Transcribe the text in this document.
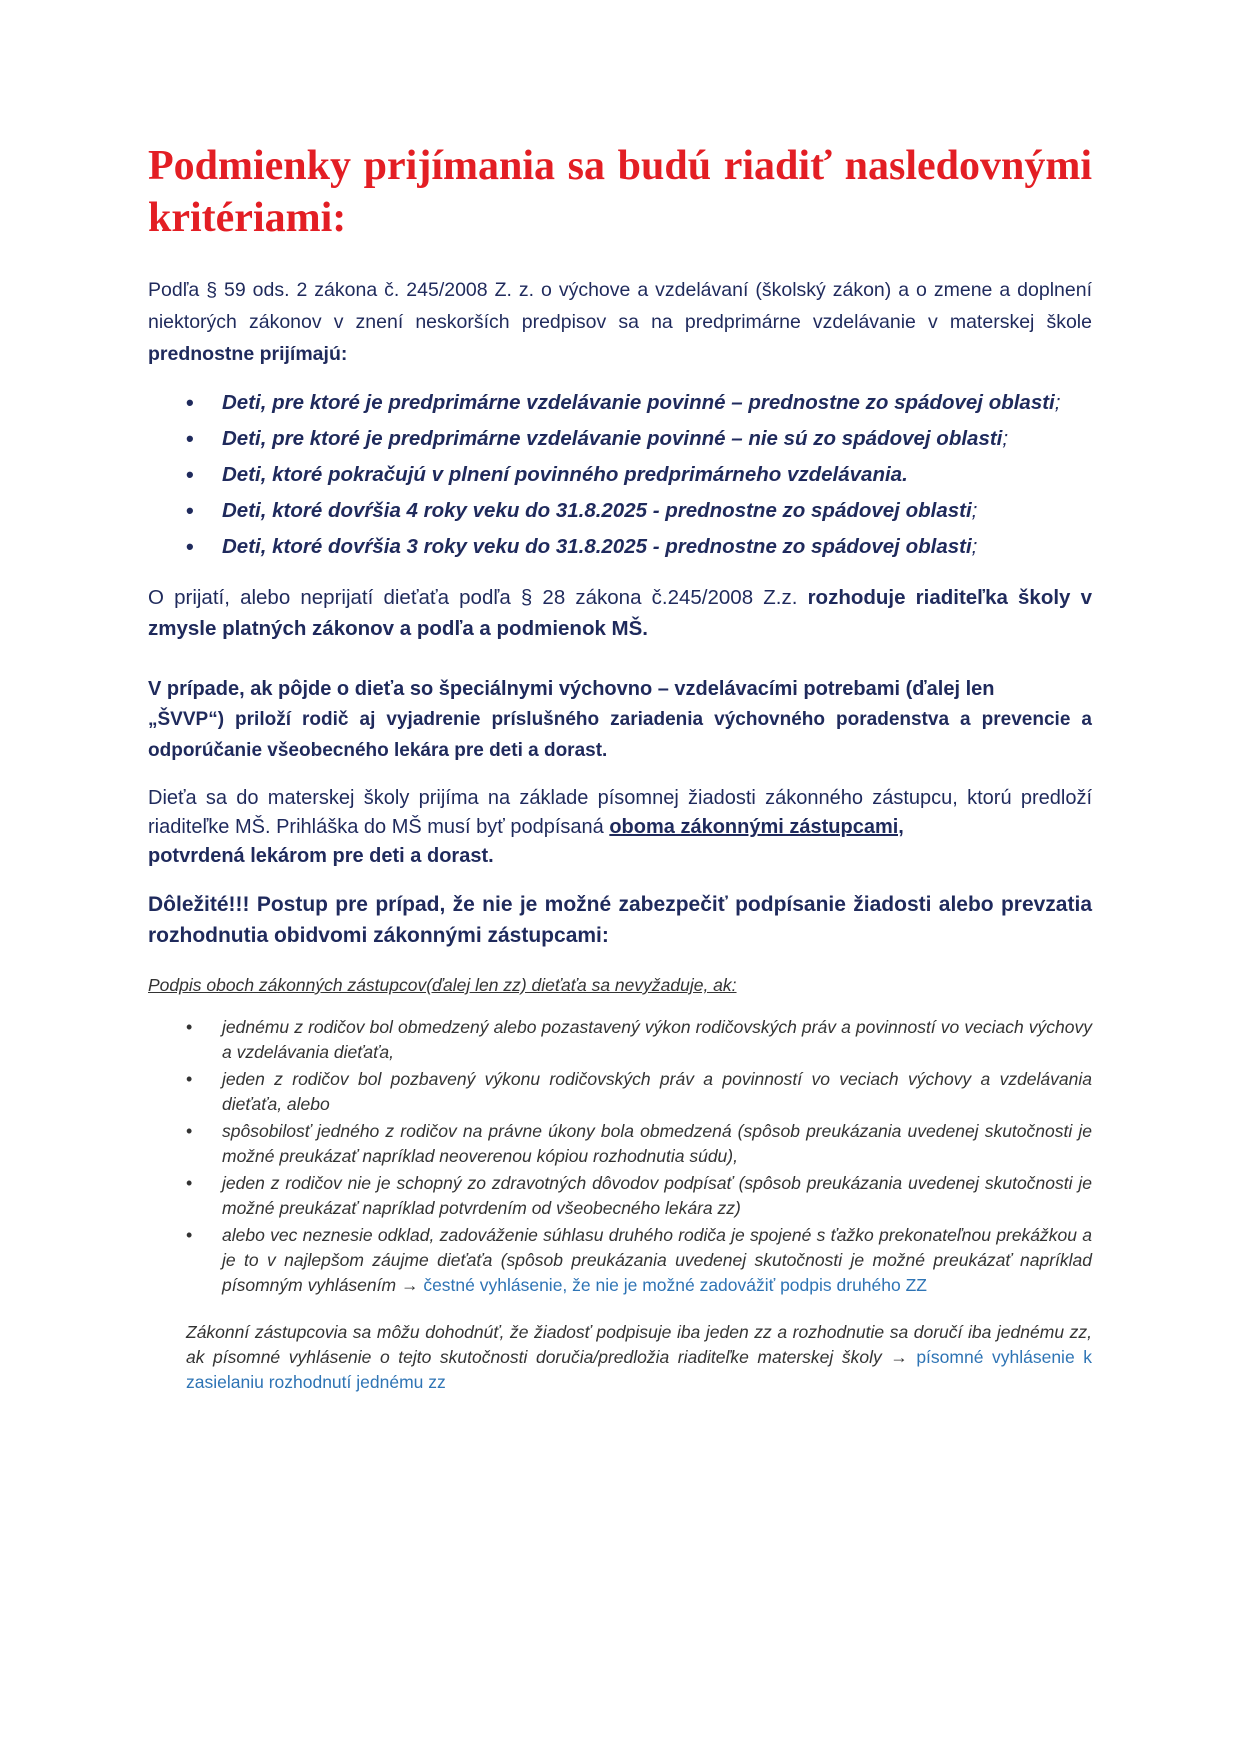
Podmienky prijímania sa budú riadiť nasledovnými kritériami:

Podľa § 59 ods. 2 zákona č. 245/2008 Z. z. o výchove a vzdelávaní (školský zákon) a o zmene a doplnení niektorých zákonov v znení neskorších predpisov sa na predprimárne vzdelávanie v materskej škole prednostne prijímajú:

• Deti, pre ktoré je predprimárne vzdelávanie povinné – prednostne zo spádovej oblasti;
• Deti, pre ktoré je predprimárne vzdelávanie povinné – nie sú zo spádovej oblasti;
• Deti, ktoré pokračujú v plnení povinného predprimárneho vzdelávania.
• Deti, ktoré dovŕšia 4 roky veku do 31.8.2025 - prednostne zo spádovej oblasti;
• Deti, ktoré dovŕšia 3 roky veku do 31.8.2025 - prednostne zo spádovej oblasti;

O prijatí, alebo neprijatí dieťaťa podľa § 28 zákona č.245/2008 Z.z. rozhoduje riaditeľka školy v zmysle platných zákonov a podľa a podmienok MŠ.

V prípade, ak pôjde o dieťa so špeciálnymi výchovno – vzdelávacími potrebami (ďalej len
„ŠVVP“) priloží rodič aj vyjadrenie príslušného zariadenia výchovného poradenstva a prevencie a odporúčanie všeobecného lekára pre deti a dorast.

Dieťa sa do materskej školy prijíma na základe písomnej žiadosti zákonného zástupcu, ktorú predloží riaditeľke MŠ. Prihláška do MŠ musí byť podpísaná oboma zákonnými zástupcami,
potvrdená lekárom pre deti a dorast.

Dôležité!!! Postup pre prípad, že nie je možné zabezpečiť podpísanie žiadosti alebo prevzatia rozhodnutia obidvomi zákonnými zástupcami:

Podpis oboch zákonných zástupcov(ďalej len zz) dieťaťa sa nevyžaduje, ak:

• jednému z rodičov bol obmedzený alebo pozastavený výkon rodičovských práv a povinností vo veciach výchovy a vzdelávania dieťaťa,
• jeden z rodičov bol pozbavený výkonu rodičovských práv a povinností vo veciach výchovy a vzdelávania dieťaťa, alebo
• spôsobilosť jedného z rodičov na právne úkony bola obmedzená (spôsob preukázania uvedenej skutočnosti je možné preukázať napríklad neoverenou kópiou rozhodnutia súdu),
• jeden z rodičov nie je schopný zo zdravotných dôvodov podpísať (spôsob preukázania uvedenej skutočnosti je možné preukázať napríklad potvrdením od všeobecného lekára zz)
• alebo vec neznesie odklad, zadováženie súhlasu druhého rodiča je spojené s ťažko prekonateľnou prekážkou a je to v najlepšom záujme dieťaťa (spôsob preukázania uvedenej skutočnosti je možné preukázať napríklad písomným vyhlásením → čestné vyhlásenie, že nie je možné zadovážiť podpis druhého ZZ

Zákonní zástupcovia sa môžu dohodnúť, že žiadosť podpisuje iba jeden zz a rozhodnutie sa doručí iba jednému zz, ak písomné vyhlásenie o tejto skutočnosti doručia/predložia riaditeľke materskej školy → písomné vyhlásenie k zasielaniu rozhodnutí jednému zz
